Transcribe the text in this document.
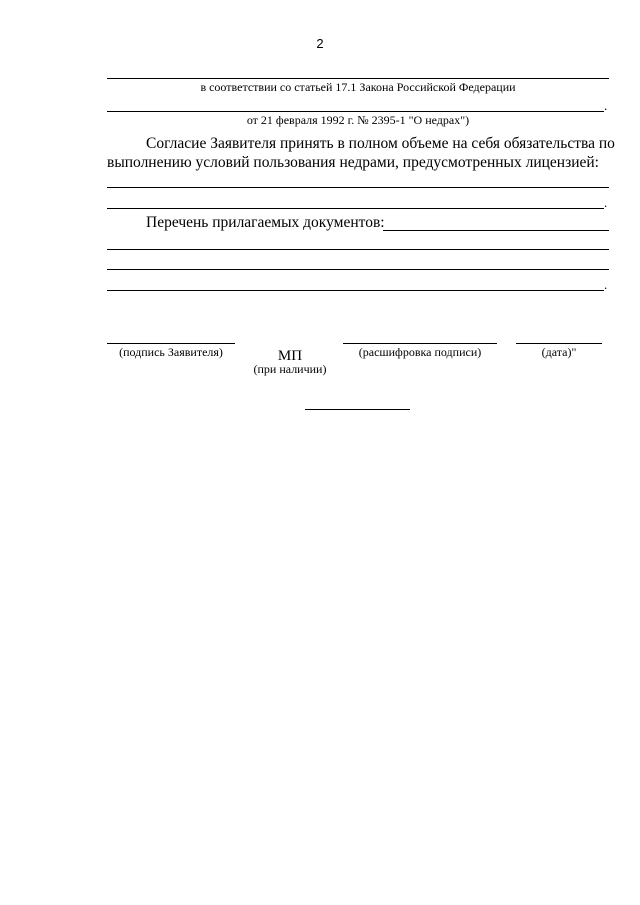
2
в соответствии со статьей 17.1 Закона Российской Федерации
.
от 21 февраля 1992 г. № 2395-1 "О недрах")
Согласие Заявителя принять в полном объеме на себя обязательства по
выполнению условий пользования недрами, предусмотренных лицензией:
.
Перечень прилагаемых документов:
.
(подпись Заявителя)	МП
(при наличии)
(расшифровка подписи)	(дата)"
